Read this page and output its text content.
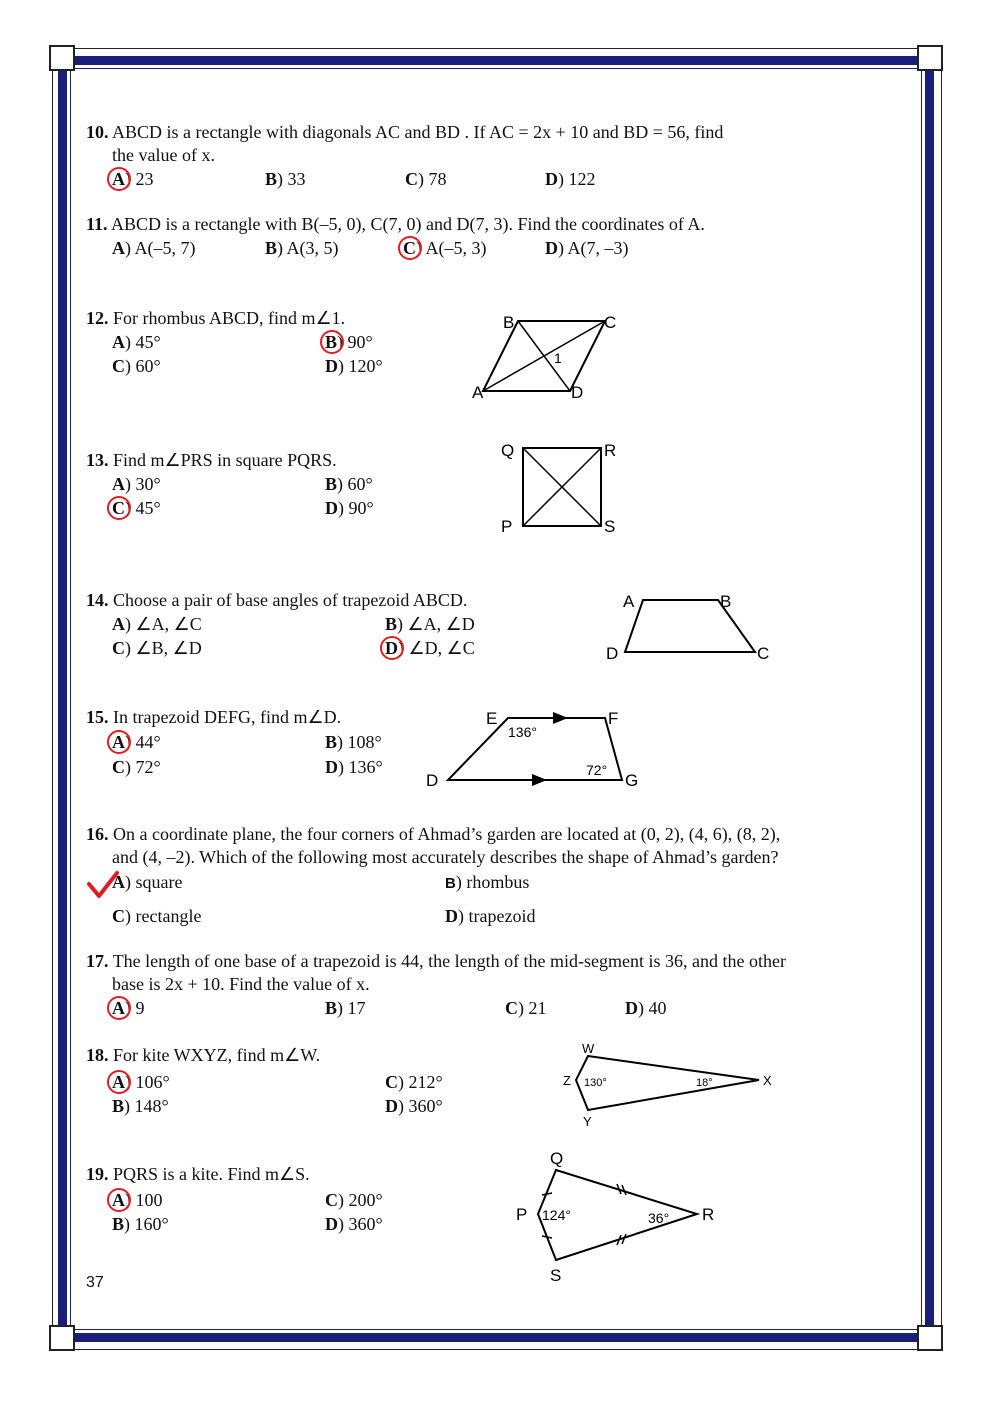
10. ABCD is a rectangle with diagonals AC and BD . If AC = 2x + 10 and BD = 56, find
the value of x.
A) 23	B) 33	C) 78	D) 122
11. ABCD is a rectangle with B(–5, 0), C(7, 0) and D(7, 3). Find the coordinates of A.
A) A(–5, 7)	B) A(3, 5)	C) A(–5, 3)	D) A(7, –3)
12. For rhombus ABCD, find m∠1.
A) 45°	B) 90°
C) 60°	D) 120°
B	C
A	D
1
13. Find m∠PRS in square PQRS.
A) 30°	B) 60°
C) 45°	D) 90°
Q	R
P	S
14. Choose a pair of base angles of trapezoid ABCD.
A) ∠A, ∠C	B) ∠A, ∠D
C) ∠B, ∠D	D) ∠D, ∠C
A	B
C
D
15. In trapezoid DEFG, find m∠D.
A) 44°	B) 108°
C) 72°	D) 136°
E	F
D	G
136°
72°
16. On a coordinate plane, the four corners of Ahmad’s garden are located at (0, 2), (4, 6), (8, 2),
and (4, –2). Which of the following most accurately describes the shape of Ahmad’s garden?
A) square	B) rhombus
C) rectangle	D) trapezoid
17. The length of one base of a trapezoid is 44, the length of the mid-segment is 36, and the other
base is 2x + 10. Find the value of x.
A) 9	B) 17	C) 21	D) 40
18. For kite WXYZ, find m∠W.
A) 106°	C) 212°
B) 148°	D) 360°
W
X
Y
Z 130°	18°
19. PQRS is a kite. Find m∠S.
A) 100	C) 200°
B) 160°	D) 360°
Q
P	R
S
124°	36°
37
